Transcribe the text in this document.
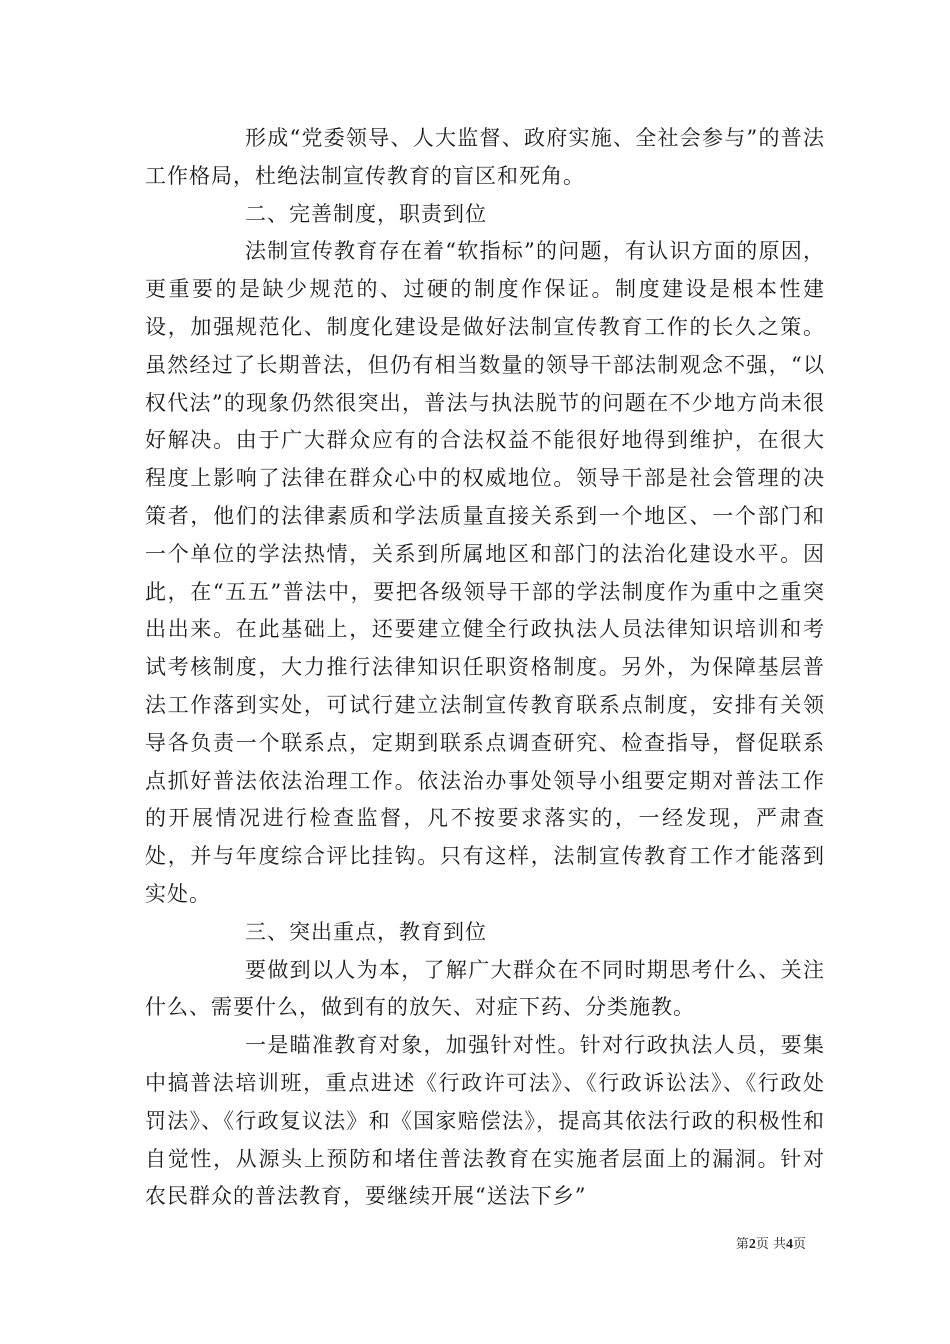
形成“党委领导、人大监督、政府实施、全社会参与”的普法工作格局，杜绝法制宣传教育的盲区和死角。

二、完善制度，职责到位

法制宣传教育存在着“软指标”的问题，有认识方面的原因，更重要的是缺少规范的、过硬的制度作保证。制度建设是根本性建设，加强规范化、制度化建设是做好法制宣传教育工作的长久之策。虽然经过了长期普法，但仍有相当数量的领导干部法制观念不强，“以权代法”的现象仍然很突出，普法与执法脱节的问题在不少地方尚未很好解决。由于广大群众应有的合法权益不能很好地得到维护，在很大程度上影响了法律在群众心中的权威地位。领导干部是社会管理的决策者，他们的法律素质和学法质量直接关系到一个地区、一个部门和一个单位的学法热情，关系到所属地区和部门的法治化建设水平。因此，在“五五”普法中，要把各级领导干部的学法制度作为重中之重突出出来。在此基础上，还要建立健全行政执法人员法律知识培训和考试考核制度，大力推行法律知识任职资格制度。另外，为保障基层普法工作落到实处，可试行建立法制宣传教育联系点制度，安排有关领导各负责一个联系点，定期到联系点调查研究、检查指导，督促联系点抓好普法依法治理工作。依法治办事处领导小组要定期对普法工作的开展情况进行检查监督，凡不按要求落实的，一经发现，严肃查处，并与年度综合评比挂钩。只有这样，法制宣传教育工作才能落到实处。

三、突出重点，教育到位

要做到以人为本，了解广大群众在不同时期思考什么、关注什么、需要什么，做到有的放矢、对症下药、分类施教。

一是瞄准教育对象，加强针对性。针对行政执法人员，要集中搞普法培训班，重点进述《行政许可法》、《行政诉讼法》、《行政处罚法》、《行政复议法》和《国家赔偿法》，提高其依法行政的积极性和自觉性，从源头上预防和堵住普法教育在实施者层面上的漏洞。针对农民群众的普法教育，要继续开展“送法下乡”

第2页 共4页
